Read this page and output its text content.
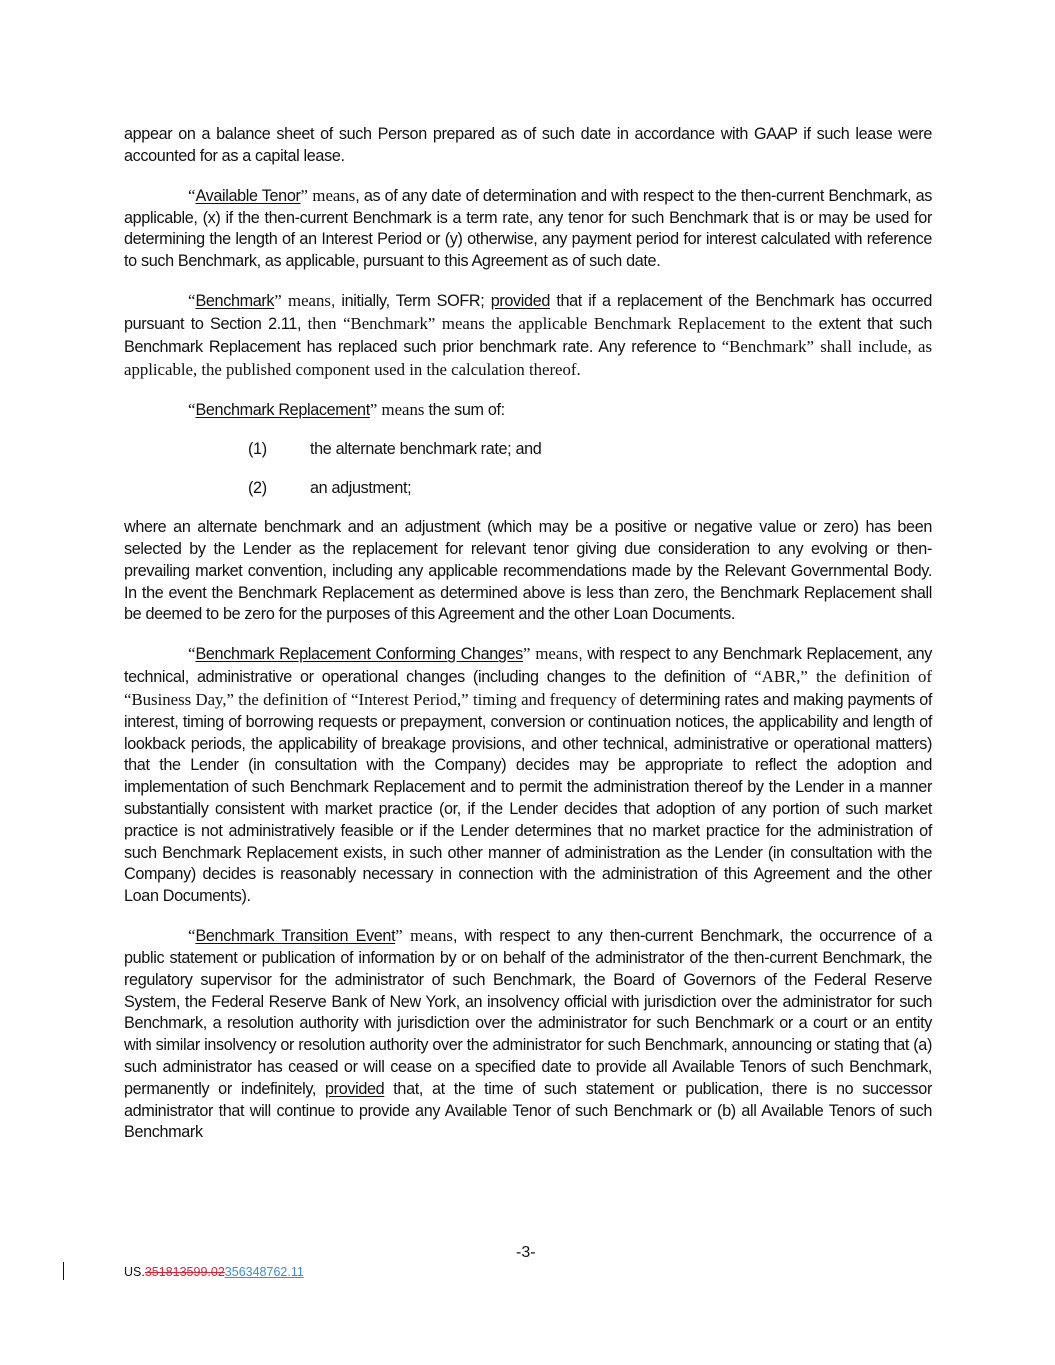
appear on a balance sheet of such Person prepared as of such date in accordance with GAAP if such lease were accounted for as a capital lease.

“Available Tenor” means, as of any date of determination and with respect to the then-current Benchmark, as applicable, (x) if the then-current Benchmark is a term rate, any tenor for such Benchmark that is or may be used for determining the length of an Interest Period or (y) otherwise, any payment period for interest calculated with reference to such Benchmark, as applicable, pursuant to this Agreement as of such date.

“Benchmark” means, initially, Term SOFR; provided that if a replacement of the Benchmark has occurred pursuant to Section 2.11, then “Benchmark” means the applicable Benchmark Replacement to the extent that such Benchmark Replacement has replaced such prior benchmark rate. Any reference to “Benchmark” shall include, as applicable, the published component used in the calculation thereof.

“Benchmark Replacement” means the sum of:

(1)	the alternate benchmark rate; and
(2)	an adjustment;

where an alternate benchmark and an adjustment (which may be a positive or negative value or zero) has been selected by the Lender as the replacement for relevant tenor giving due consideration to any evolving or then-prevailing market convention, including any applicable recommendations made by the Relevant Governmental Body. In the event the Benchmark Replacement as determined above is less than zero, the Benchmark Replacement shall be deemed to be zero for the purposes of this Agreement and the other Loan Documents.

“Benchmark Replacement Conforming Changes” means, with respect to any Benchmark Replacement, any technical, administrative or operational changes (including changes to the definition of “ABR,” the definition of “Business Day,” the definition of “Interest Period,” timing and frequency of determining rates and making payments of interest, timing of borrowing requests or prepayment, conversion or continuation notices, the applicability and length of lookback periods, the applicability of breakage provisions, and other technical, administrative or operational matters) that the Lender (in consultation with the Company) decides may be appropriate to reflect the adoption and implementation of such Benchmark Replacement and to permit the administration thereof by the Lender in a manner substantially consistent with market practice (or, if the Lender decides that adoption of any portion of such market practice is not administratively feasible or if the Lender determines that no market practice for the administration of such Benchmark Replacement exists, in such other manner of administration as the Lender (in consultation with the Company) decides is reasonably necessary in connection with the administration of this Agreement and the other Loan Documents).

“Benchmark Transition Event” means, with respect to any then-current Benchmark, the occurrence of a public statement or publication of information by or on behalf of the administrator of the then-current Benchmark, the regulatory supervisor for the administrator of such Benchmark, the Board of Governors of the Federal Reserve System, the Federal Reserve Bank of New York, an insolvency official with jurisdiction over the administrator for such Benchmark, a resolution authority with jurisdiction over the administrator for such Benchmark or a court or an entity with similar insolvency or resolution authority over the administrator for such Benchmark, announcing or stating that (a) such administrator has ceased or will cease on a specified date to provide all Available Tenors of such Benchmark, permanently or indefinitely, provided that, at the time of such statement or publication, there is no successor administrator that will continue to provide any Available Tenor of such Benchmark or (b) all Available Tenors of such Benchmark

-3-
US.351813599.02356348762.11
